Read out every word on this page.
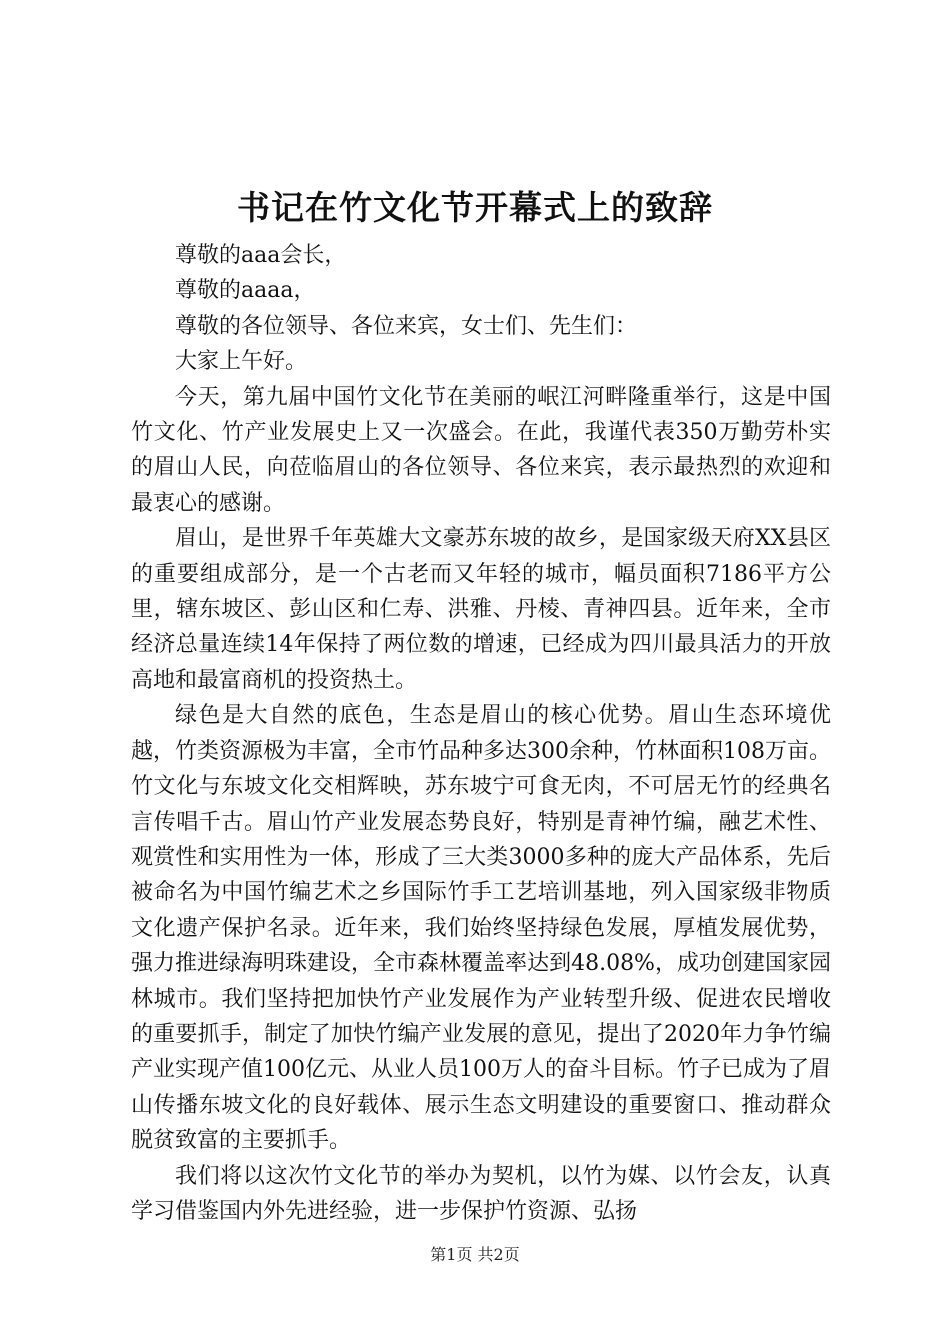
书记在竹文化节开幕式上的致辞

尊敬的aaa会长，

尊敬的aaaa，

尊敬的各位领导、各位来宾，女士们、先生们：

大家上午好。

今天，第九届中国竹文化节在美丽的岷江河畔隆重举行，这是中国竹文化、竹产业发展史上又一次盛会。在此，我谨代表350万勤劳朴实的眉山人民，向莅临眉山的各位领导、各位来宾，表示最热烈的欢迎和最衷心的感谢。

眉山，是世界千年英雄大文豪苏东坡的故乡，是国家级天府XX县区的重要组成部分，是一个古老而又年轻的城市，幅员面积7186平方公里，辖东坡区、彭山区和仁寿、洪雅、丹棱、青神四县。近年来，全市经济总量连续14年保持了两位数的增速，已经成为四川最具活力的开放高地和最富商机的投资热土。

绿色是大自然的底色，生态是眉山的核心优势。眉山生态环境优越，竹类资源极为丰富，全市竹品种多达300余种，竹林面积108万亩。竹文化与东坡文化交相辉映，苏东坡宁可食无肉，不可居无竹的经典名言传唱千古。眉山竹产业发展态势良好，特别是青神竹编，融艺术性、观赏性和实用性为一体，形成了三大类3000多种的庞大产品体系，先后被命名为中国竹编艺术之乡国际竹手工艺培训基地，列入国家级非物质文化遗产保护名录。近年来，我们始终坚持绿色发展，厚植发展优势，强力推进绿海明珠建设，全市森林覆盖率达到48.08%，成功创建国家园林城市。我们坚持把加快竹产业发展作为产业转型升级、促进农民增收的重要抓手，制定了加快竹编产业发展的意见，提出了2020年力争竹编产业实现产值100亿元、从业人员100万人的奋斗目标。竹子已成为了眉山传播东坡文化的良好载体、展示生态文明建设的重要窗口、推动群众脱贫致富的主要抓手。

我们将以这次竹文化节的举办为契机，以竹为媒、以竹会友，认真学习借鉴国内外先进经验，进一步保护竹资源、弘扬

第1页 共2页
